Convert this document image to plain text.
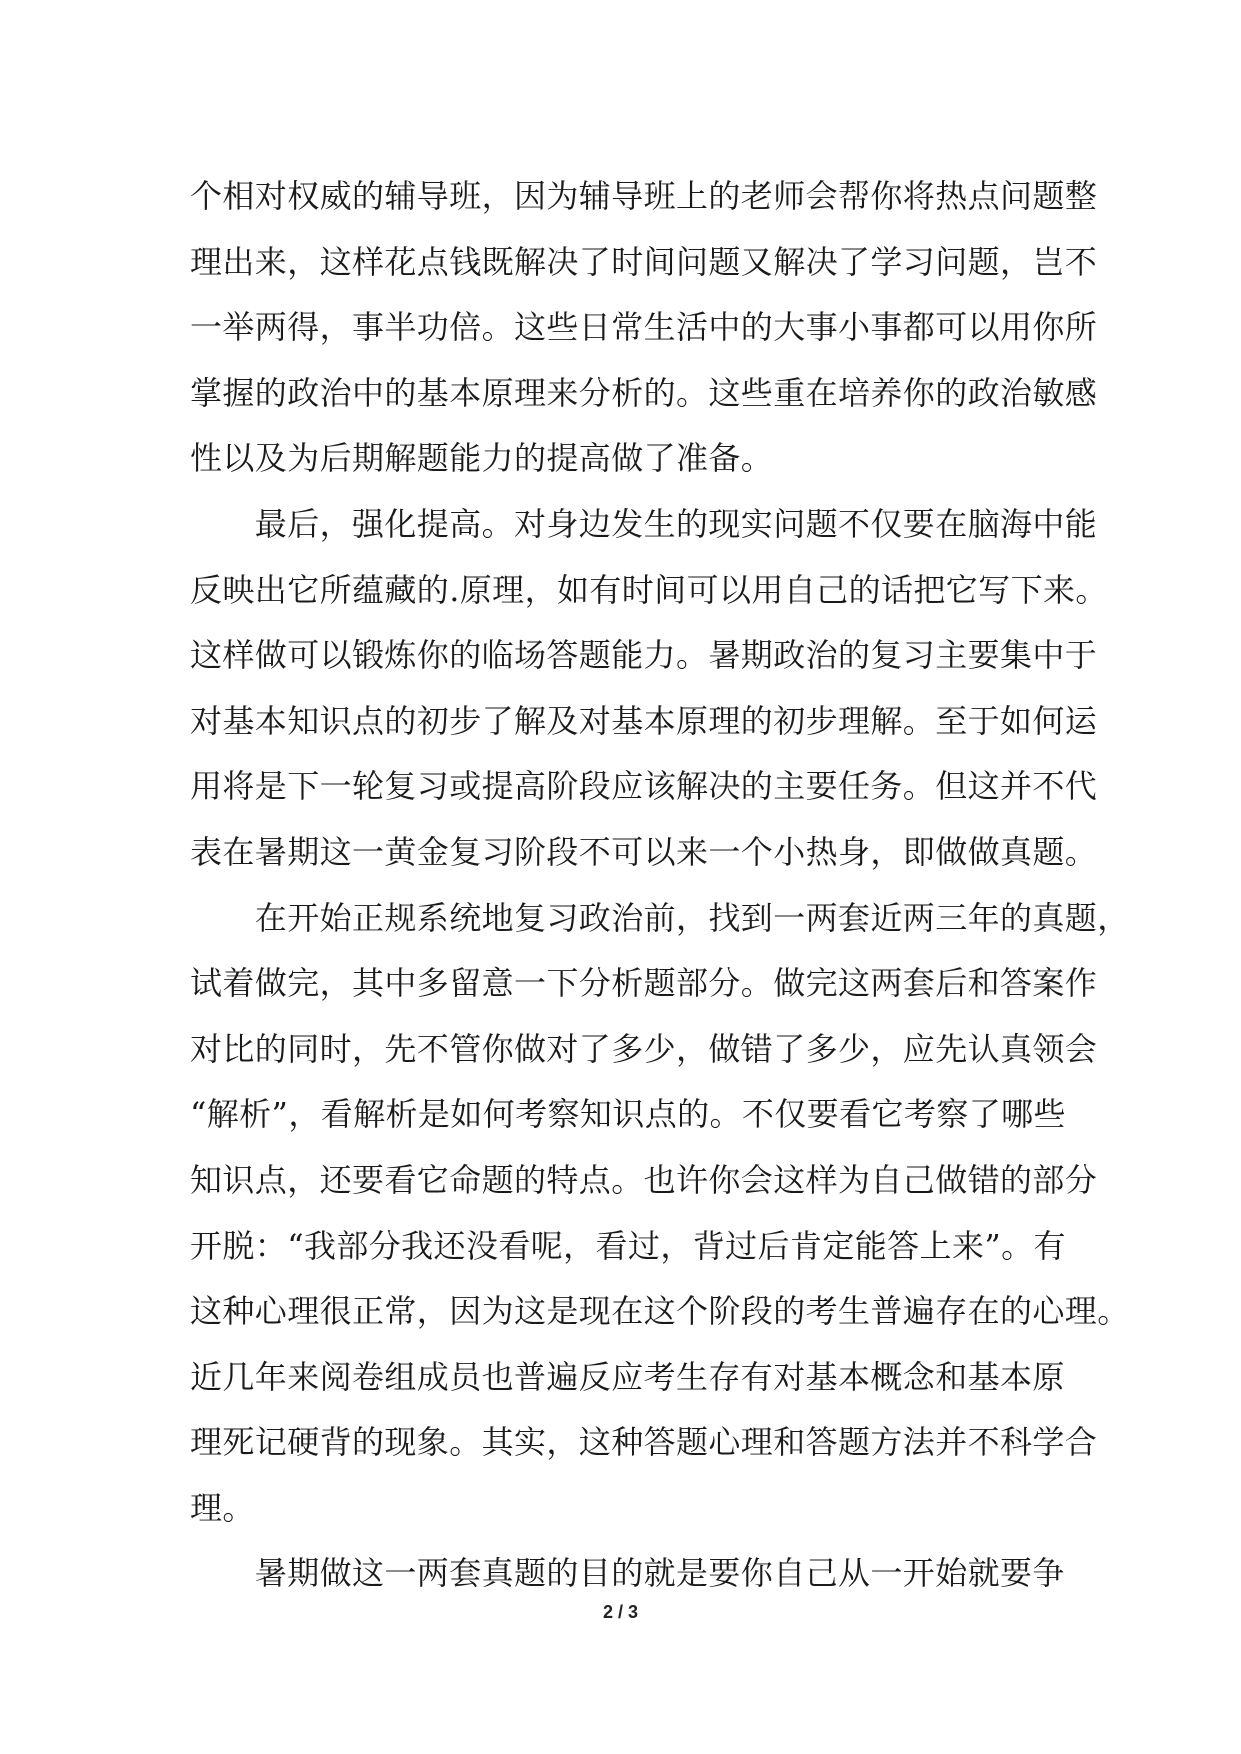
个相对权威的辅导班，因为辅导班上的老师会帮你将热点问题整
理出来，这样花点钱既解决了时间问题又解决了学习问题，岂不
一举两得，事半功倍。这些日常生活中的大事小事都可以用你所
掌握的政治中的基本原理来分析的。这些重在培养你的政治敏感
性以及为后期解题能力的提高做了准备。
　　最后，强化提高。对身边发生的现实问题不仅要在脑海中能
反映出它所蕴藏的.原理，如有时间可以用自己的话把它写下来。
这样做可以锻炼你的临场答题能力。暑期政治的复习主要集中于
对基本知识点的初步了解及对基本原理的初步理解。至于如何运
用将是下一轮复习或提高阶段应该解决的主要任务。但这并不代
表在暑期这一黄金复习阶段不可以来一个小热身，即做做真题。
　　在开始正规系统地复习政治前，找到一两套近两三年的真题，
试着做完，其中多留意一下分析题部分。做完这两套后和答案作
对比的同时，先不管你做对了多少，做错了多少，应先认真领会
“解析”，看解析是如何考察知识点的。不仅要看它考察了哪些
知识点，还要看它命题的特点。也许你会这样为自己做错的部分
开脱：“我部分我还没看呢，看过，背过后肯定能答上来”。有
这种心理很正常，因为这是现在这个阶段的考生普遍存在的心理。
近几年来阅卷组成员也普遍反应考生存有对基本概念和基本原
理死记硬背的现象。其实，这种答题心理和答题方法并不科学合
理。
　　暑期做这一两套真题的目的就是要你自己从一开始就要争
2 / 3
